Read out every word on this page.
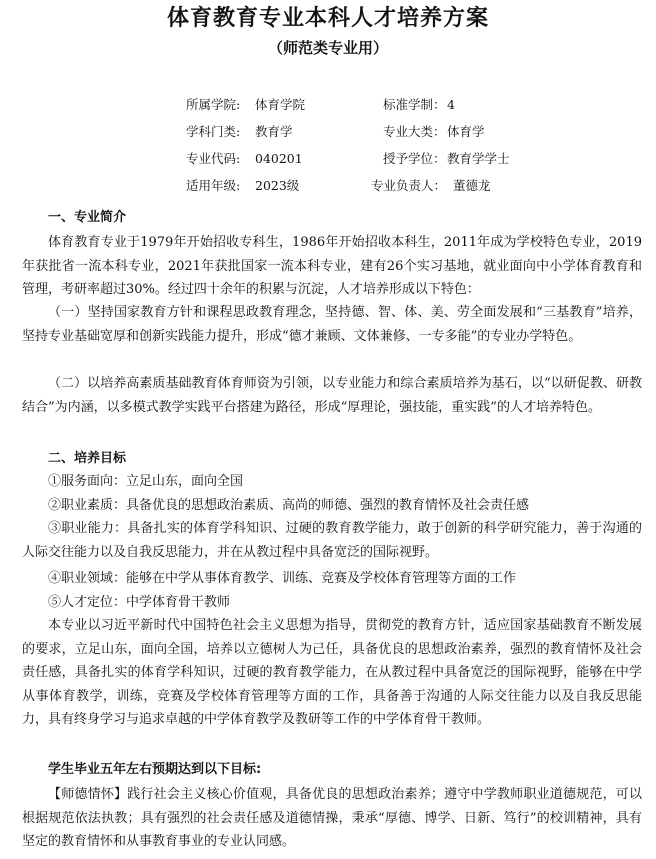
体育教育专业本科人才培养方案
（师范类专业用）
所属学院: 体育学院	标准学制： 4
学科门类: 教育学	专业大类： 体育学
专业代码: 040201	授予学位： 教育学学士
适用年级: 2023级	专业负责人： 董德龙
一、专业简介
体育教育专业于1979年开始招收专科生，1986年开始招收本科生，2011年成为学校特色专业，2019年获批省一流本科专业，2021年获批国家一流本科专业，建有26个实习基地，就业面向中小学体育教育和管理，考研率超过30%。经过四十余年的积累与沉淀，人才培养形成以下特色：
（一）坚持国家教育方针和课程思政教育理念，坚持德、智、体、美、劳全面发展和“三基教育”培养，坚持专业基础宽厚和创新实践能力提升，形成“德才兼顾、文体兼修、一专多能”的专业办学特色。
（二）以培养高素质基础教育体育师资为引领，以专业能力和综合素质培养为基石，以“以研促教、研教结合”为内涵，以多模式教学实践平台搭建为路径，形成“厚理论，强技能，重实践”的人才培养特色。
二、培养目标
①服务面向：立足山东，面向全国
②职业素质：具备优良的思想政治素质、高尚的师德、强烈的教育情怀及社会责任感
③职业能力：具备扎实的体育学科知识、过硬的教育教学能力，敢于创新的科学研究能力，善于沟通的人际交往能力以及自我反思能力，并在从教过程中具备宽泛的国际视野。
④职业领域：能够在中学从事体育教学、训练、竞赛及学校体育管理等方面的工作
⑤人才定位：中学体育骨干教师
本专业以习近平新时代中国特色社会主义思想为指导，贯彻党的教育方针，适应国家基础教育不断发展的要求，立足山东，面向全国，培养以立德树人为己任，具备优良的思想政治素养，强烈的教育情怀及社会责任感，具备扎实的体育学科知识，过硬的教育教学能力，在从教过程中具备宽泛的国际视野，能够在中学从事体育教学，训练，竞赛及学校体育管理等方面的工作，具备善于沟通的人际交往能力以及自我反思能力，具有终身学习与追求卓越的中学体育教学及教研等工作的中学体育骨干教师。
学生毕业五年左右预期达到以下目标:
【师德情怀】践行社会主义核心价值观，具备优良的思想政治素养；遵守中学教师职业道德规范，可以根据规范依法执教；具有强烈的社会责任感及道德情操，秉承“厚德、博学、日新、笃行”的校训精神，具有坚定的教育情怀和从事教育事业的专业认同感。
